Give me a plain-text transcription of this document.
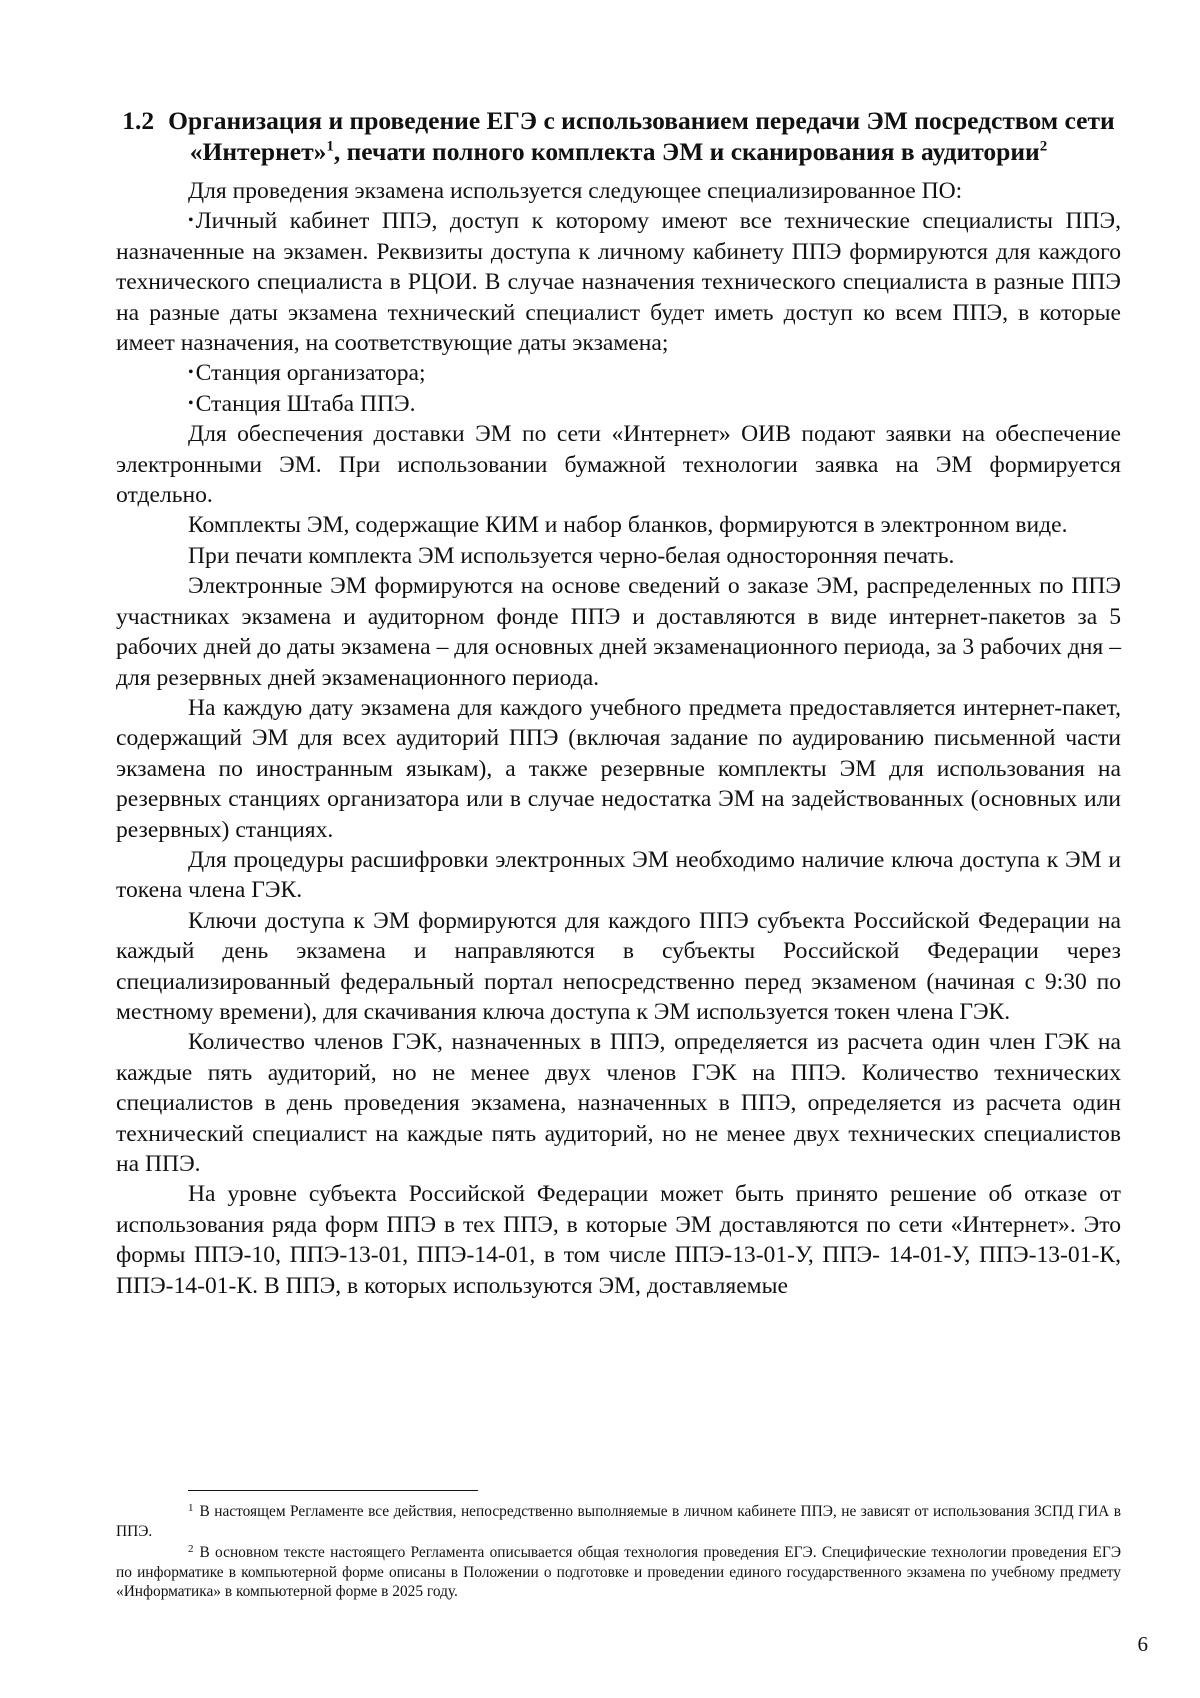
1.2 Организация и проведение ЕГЭ с использованием передачи ЭМ посредством сети «Интернет»$^1$, печати полного комплекта ЭМ и сканирования в аудитории$^2$

Для проведения экзамена используется следующее специализированное ПО:

•Личный кабинет ППЭ, доступ к которому имеют все технические специалисты ППЭ, назначенные на экзамен. Реквизиты доступа к личному кабинету ППЭ формируются для каждого технического специалиста в РЦОИ. В случае назначения технического специалиста в разные ППЭ на разные даты экзамена технический специалист будет иметь доступ ко всем ППЭ, в которые имеет назначения, на соответствующие даты экзамена;

•Станция организатора;

•Станция Штаба ППЭ.

Для обеспечения доставки ЭМ по сети «Интернет» ОИВ подают заявки на обеспечение электронными ЭМ. При использовании бумажной технологии заявка на ЭМ формируется отдельно.

Комплекты ЭМ, содержащие КИМ и набор бланков, формируются в электронном виде.

При печати комплекта ЭМ используется черно-белая односторонняя печать.

Электронные ЭМ формируются на основе сведений о заказе ЭМ, распределенных по ППЭ участниках экзамена и аудиторном фонде ППЭ и доставляются в виде интернет-пакетов за 5 рабочих дней до даты экзамена – для основных дней экзаменационного периода, за 3 рабочих дня – для резервных дней экзаменационного периода.

На каждую дату экзамена для каждого учебного предмета предоставляется интернет-пакет, содержащий ЭМ для всех аудиторий ППЭ (включая задание по аудированию письменной части экзамена по иностранным языкам), а также резервные комплекты ЭМ для использования на резервных станциях организатора или в случае недостатка ЭМ на задействованных (основных или резервных) станциях.

Для процедуры расшифровки электронных ЭМ необходимо наличие ключа доступа к ЭМ и токена члена ГЭК.

Ключи доступа к ЭМ формируются для каждого ППЭ субъекта Российской Федерации на каждый день экзамена и направляются в субъекты Российской Федерации через специализированный федеральный портал непосредственно перед экзаменом (начиная с 9:30 по местному времени), для скачивания ключа доступа к ЭМ используется токен члена ГЭК.

Количество членов ГЭК, назначенных в ППЭ, определяется из расчета один член ГЭК на каждые пять аудиторий, но не менее двух членов ГЭК на ППЭ. Количество технических специалистов в день проведения экзамена, назначенных в ППЭ, определяется из расчета один технический специалист на каждые пять аудиторий, но не менее двух технических специалистов на ППЭ.

На уровне субъекта Российской Федерации может быть принято решение об отказе от использования ряда форм ППЭ в тех ППЭ, в которые ЭМ доставляются по сети «Интернет». Это формы ППЭ-10, ППЭ-13-01, ППЭ-14-01, в том числе ППЭ-13-01-У, ППЭ- 14-01-У, ППЭ-13-01-К, ППЭ-14-01-К. В ППЭ, в которых используются ЭМ, доставляемые

$^1$ В настоящем Регламенте все действия, непосредственно выполняемые в личном кабинете ППЭ, не зависят от использования ЗСПД ГИА в ППЭ.

$^2$ В основном тексте настоящего Регламента описывается общая технология проведения ЕГЭ. Специфические технологии проведения ЕГЭ по информатике в компьютерной форме описаны в Положении о подготовке и проведении единого государственного экзамена по учебному предмету «Информатика» в компьютерной форме в 2025 году.

6
